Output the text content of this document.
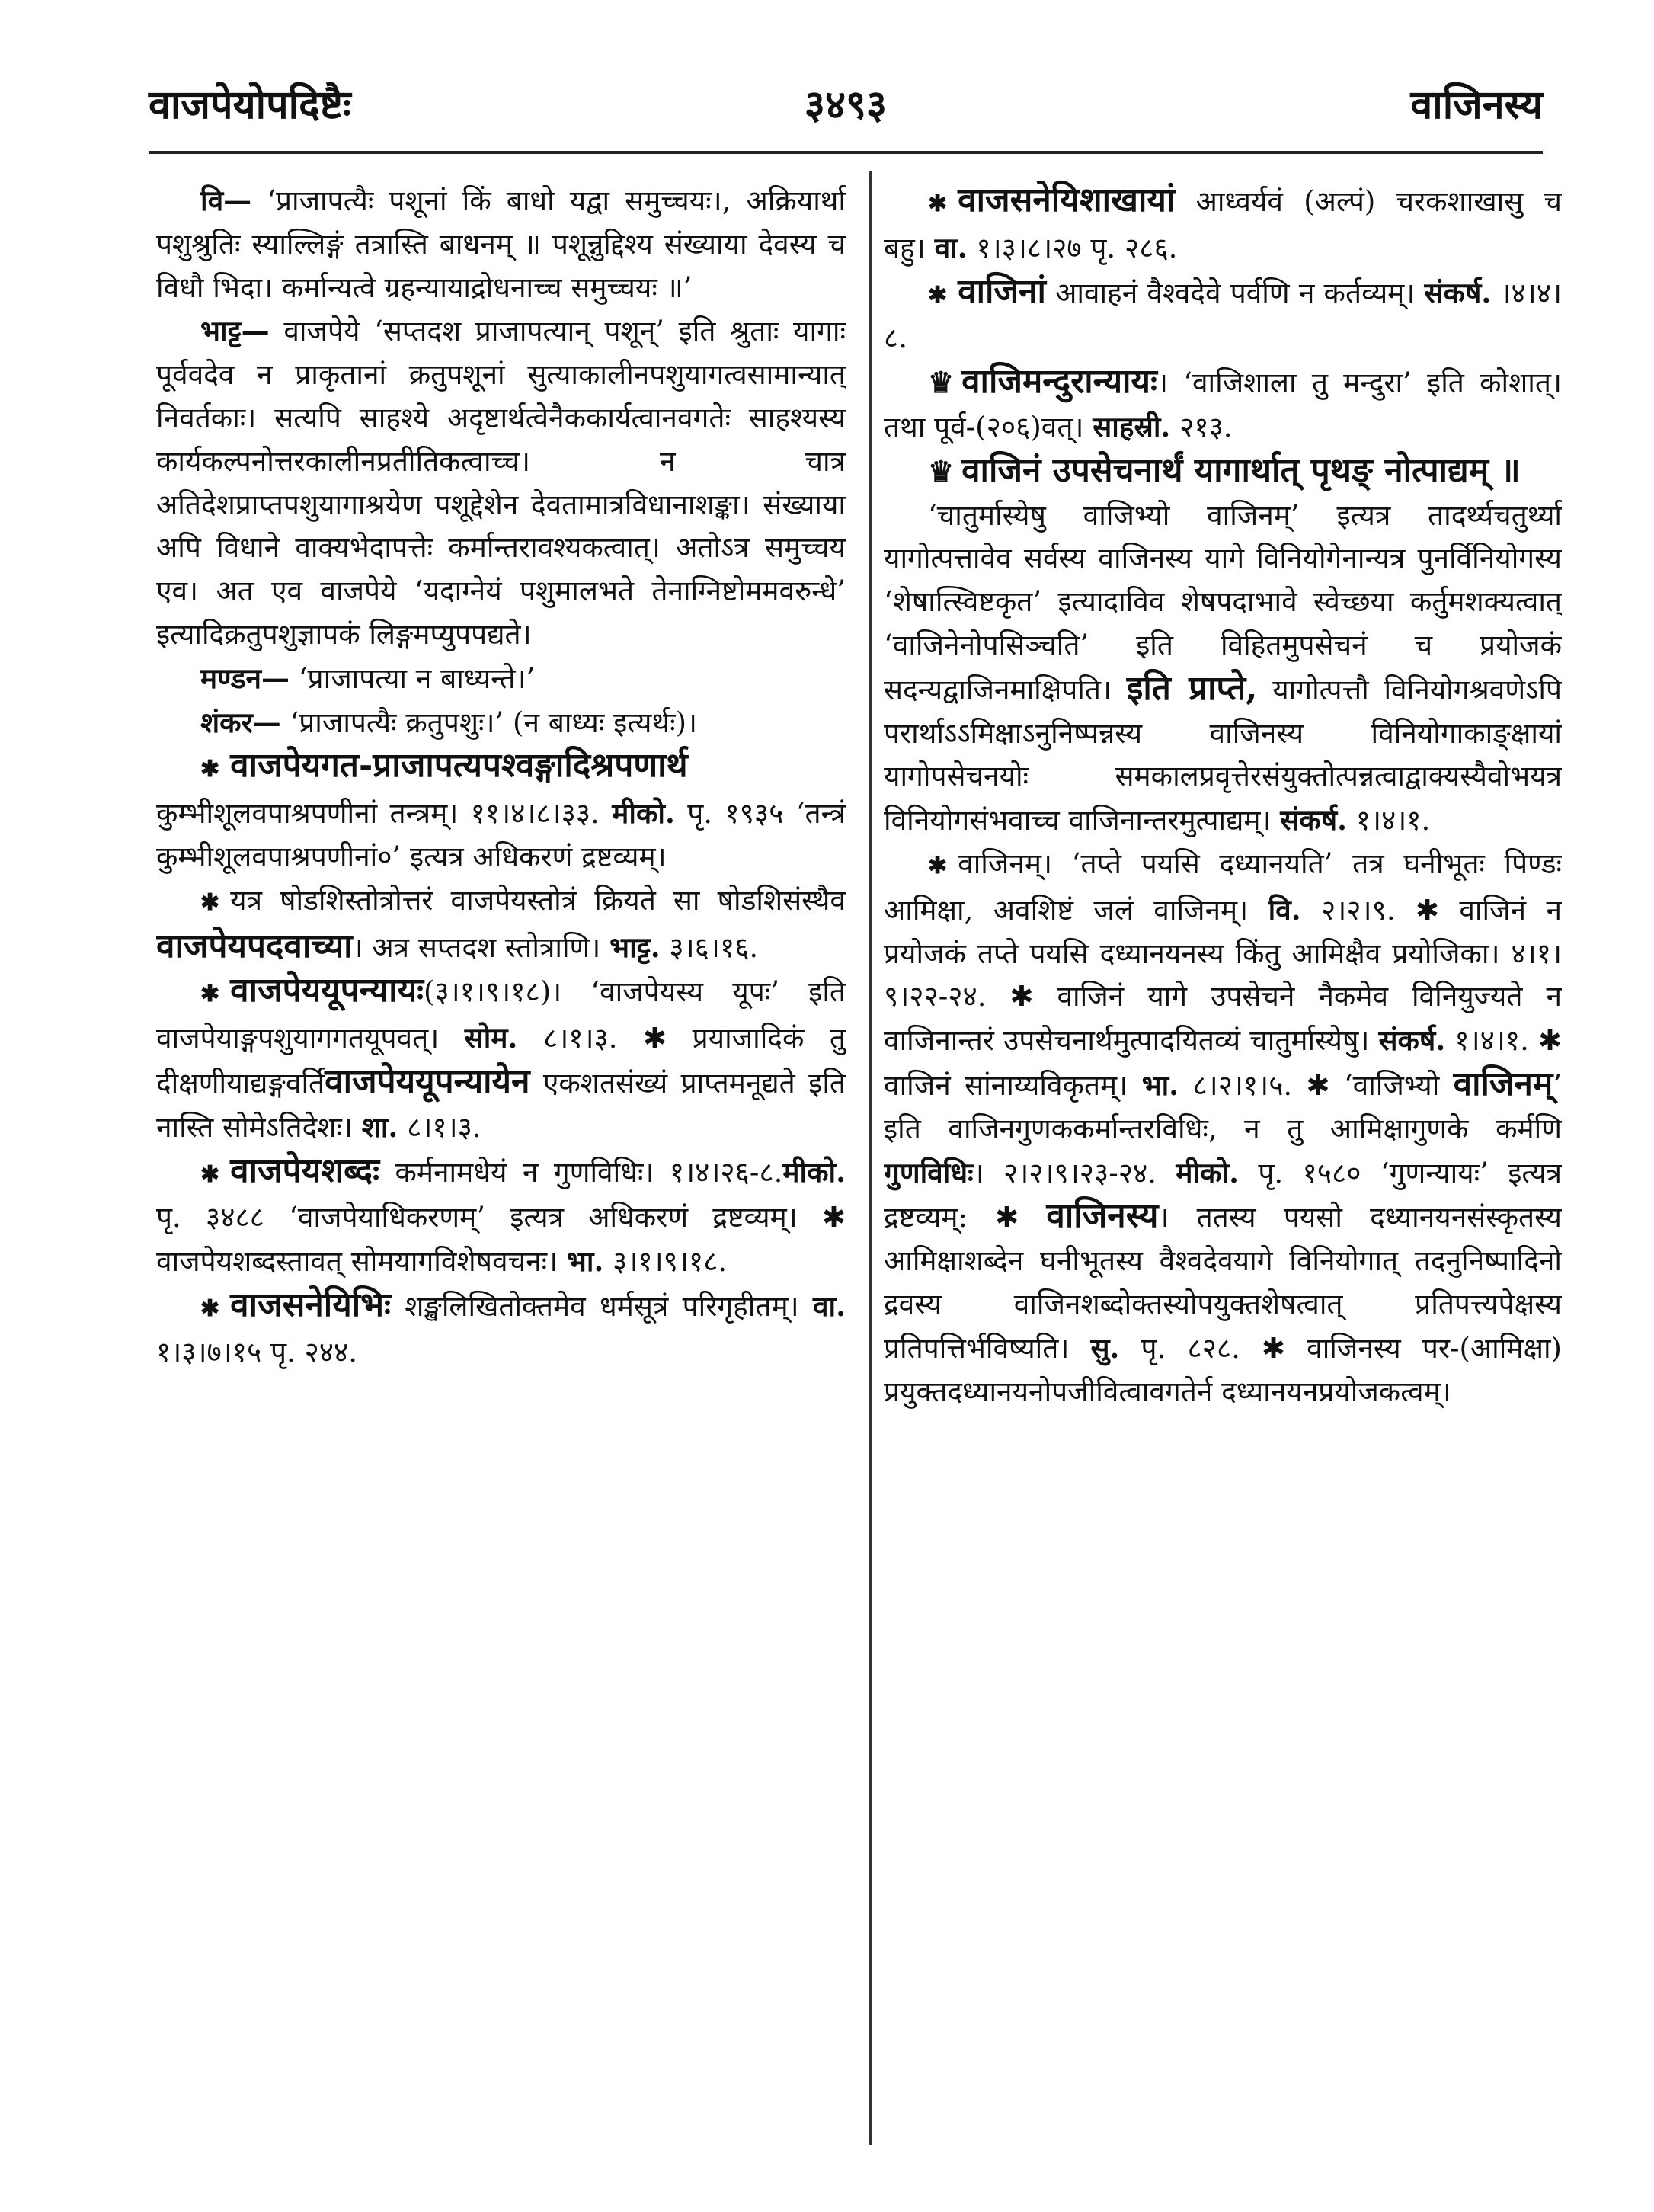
वाजपेयोपदिष्टैः	३४९३	वाजिनस्य

वि— ‘प्राजापत्यैः पशूनां किं बाधो यद्वा समुच्चयः।, अक्रियार्था पशुश्रुतिः स्याल्लिङ्गं तत्रास्ति बाधनम् ॥ पशून्नुद्दिश्य संख्याया देवस्य च विधौ भिदा। कर्मान्यत्वे ग्रहन्यायाद्रोधनाच्च समुच्चयः ॥’

भाट्ट— वाजपेये ‘सप्तदश प्राजापत्यान् पशून्’ इति श्रुताः यागाः पूर्ववदेव न प्राकृतानां क्रतुपशूनां सुत्याकालीनपशुयागत्वसामान्यात् निवर्तकाः। सत्यपि साहश्ये अदृष्टार्थत्वेनैककार्यत्वानवगतेः साहश्यस्य कार्यकल्पनोत्तरकालीनप्रतीतिकत्वाच्च। न चात्र अतिदेशप्राप्तपशुयागाश्रयेण पशूद्देशेन देवतामात्रविधानाशङ्का। संख्याया अपि विधाने वाक्यभेदापत्तेः कर्मान्तरावश्यकत्वात्। अतोऽत्र समुच्चय एव। अत एव वाजपेये ‘यदाग्नेयं पशुमालभते तेनाग्निष्टोममवरुन्धे’ इत्यादिक्रतुपशुज्ञापकं लिङ्गमप्युपपद्यते।

मण्डन— ‘प्राजापत्या न बाध्यन्ते।’

शंकर— ‘प्राजापत्यैः क्रतुपशुः।’ (न बाध्यः इत्यर्थः)।

✱ वाजपेयगत-प्राजापत्यपश्वङ्गादिश्रपणार्थ कुम्भीशूलवपाश्रपणीनां तन्त्रम्। ११।४।८।३३. मीको. पृ. १९३५ ‘तन्त्रं कुम्भीशूलवपाश्रपणीनां०’ इत्यत्र अधिकरणं द्रष्टव्यम्।

✱ यत्र षोडशिस्तोत्रोत्तरं वाजपेयस्तोत्रं क्रियते सा षोडशिसंस्थैव वाजपेयपदवाच्या। अत्र सप्तदश स्तोत्राणि। भाट्ट. ३।६।१६.

✱ वाजपेययूपन्यायः(३।१।९।१८)। ‘वाजपेयस्य यूपः’ इति वाजपेयाङ्गपशुयागगतयूपवत्। सोम. ८।१।३. ✱ प्रयाजादिकं तु दीक्षणीयाद्यङ्गवर्तिवाजपेययूपन्यायेन एकशतसंख्यं प्राप्तमनूद्यते इति नास्ति सोमेऽतिदेशः। शा. ८।१।३.

✱ वाजपेयशब्दः कर्मनामधेयं न गुणविधिः। १।४।२६-८.मीको. पृ. ३४८८ ‘वाजपेयाधिकरणम्’ इत्यत्र अधिकरणं द्रष्टव्यम्। ✱ वाजपेयशब्दस्तावत् सोमयागविशेषवचनः। भा. ३।१।९।१८.

✱ वाजसनेयिभिः शङ्खलिखितोक्तमेव धर्मसूत्रं परिगृहीतम्। वा. १।३।७।१५ पृ. २४४.

✱ वाजसनेयिशाखायां आध्वर्यवं (अल्पं) चरकशाखासु च बहु। वा. १।३।८।२७ पृ. २८६.

✱ वाजिनां आवाहनं वैश्वदेवे पर्वणि न कर्तव्यम्। संकर्ष. ।४।४।८.

♛ वाजिमन्दुरान्यायः। ‘वाजिशाला तु मन्दुरा’ इति कोशात्। तथा पूर्व-(२०६)वत्। साहस्री. २१३.

♛ वाजिनं उपसेचनार्थं यागार्थात् पृथङ् नोत्पाद्यम् ॥

‘चातुर्मास्येषु वाजिभ्यो वाजिनम्’ इत्यत्र तादर्थ्यचतुर्थ्या यागोत्पत्तावेव सर्वस्य वाजिनस्य यागे विनियोगेनान्यत्र पुनर्विनियोगस्य ‘शेषात्स्विष्टकृत’ इत्यादाविव शेषपदाभावे स्वेच्छया कर्तुमशक्यत्वात् ‘वाजिनेनोपसिञ्चति’ इति विहितमुपसेचनं च प्रयोजकं सदन्यद्वाजिनमाक्षिपति। इति प्राप्ते, यागोत्पत्तौ विनियोगश्रवणेऽपि परार्थाऽऽमिक्षाऽनुनिष्पन्नस्य वाजिनस्य विनियोगाकाङ्क्षायां यागोपसेचनयोः समकालप्रवृत्तेरसंयुक्तोत्पन्नत्वाद्वाक्यस्यैवोभयत्र विनियोगसंभवाच्च वाजिनान्तरमुत्पाद्यम्। संकर्ष. १।४।१.

✱ वाजिनम्। ‘तप्ते पयसि दध्यानयति’ तत्र घनीभूतः पिण्डः आमिक्षा, अवशिष्टं जलं वाजिनम्। वि. २।२।९. ✱ वाजिनं न प्रयोजकं तप्ते पयसि दध्यानयनस्य किंतु आमिक्षैव प्रयोजिका। ४।१।९।२२-२४. ✱ वाजिनं यागे उपसेचने नैकमेव विनियुज्यते न वाजिनान्तरं उपसेचनार्थमुत्पादयितव्यं चातुर्मास्येषु। संकर्ष. १।४।१. ✱ वाजिनं सांनाय्यविकृतम्। भा. ८।२।१।५. ✱ ‘वाजिभ्यो वाजिनम्’ इति वाजिनगुणककर्मान्तरविधिः, न तु आमिक्षागुणके कर्मणि गुणविधिः। २।२।९।२३-२४. मीको. पृ. १५८० ‘गुणन्यायः’ इत्यत्र द्रष्टव्यम्: ✱ वाजिनस्य। ततस्य पयसो दध्यानयनसंस्कृतस्य आमिक्षाशब्देन घनीभूतस्य वैश्वदेवयागे विनियोगात् तदनुनिष्पादिनो द्रवस्य वाजिनशब्दोक्तस्योपयुक्तशेषत्वात् प्रतिपत्त्यपेक्षस्य प्रतिपत्तिर्भविष्यति। सु. पृ. ८२८. ✱ वाजिनस्य पर-(आमिक्षा) प्रयुक्तदध्यानयनोपजीवित्वावगतेर्न दध्यानयनप्रयोजकत्वम्।
